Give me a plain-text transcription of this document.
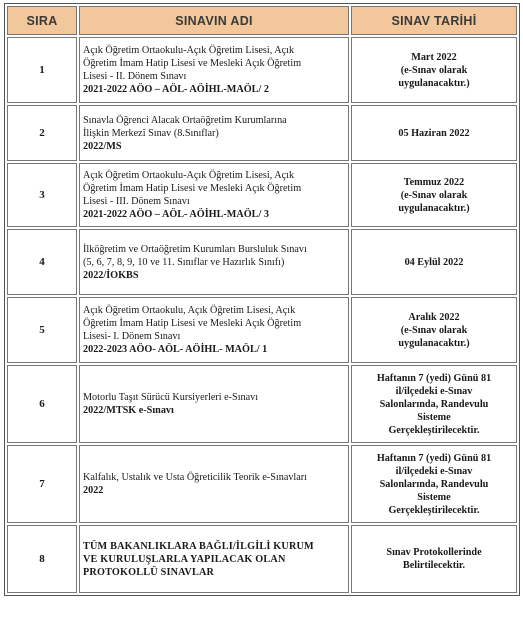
SIRA	SINAVIN ADI	SINAV TARİHİ
1	Açık Öğretim Ortaokulu-Açık Öğretim Lisesi, Açık
Öğretim İmam Hatip Lisesi ve Mesleki Açık Öğretim
Lisesi - II. Dönem Sınavı
2021-2022 AÖO – AÖL- AÖİHL-MAÖL/ 2	Mart 2022
(e-Sınav olarak
uygulanacaktır.)
2	Sınavla Öğrenci Alacak Ortaöğretim Kurumlarına
İlişkin Merkezî Sınav (8.Sınıflar)
2022/MS	05 Haziran 2022
3	Açık Öğretim Ortaokulu-Açık Öğretim Lisesi, Açık
Öğretim İmam Hatip Lisesi ve Mesleki Açık Öğretim
Lisesi - III. Dönem Sınavı
2021-2022 AÖO – AÖL- AÖİHL-MAÖL/ 3	Temmuz 2022
(e-Sınav olarak
uygulanacaktır.)
4	İlköğretim ve Ortaöğretim Kurumları Bursluluk Sınavı
(5, 6, 7, 8, 9, 10 ve 11. Sınıflar ve Hazırlık Sınıfı)
2022/İOKBS	04 Eylül 2022
5	Açık Öğretim Ortaokulu, Açık Öğretim Lisesi, Açık
Öğretim İmam Hatip Lisesi ve Mesleki Açık Öğretim
Lisesi- I. Dönem Sınavı
2022-2023 AÖO- AÖL- AÖİHL- MAÖL/ 1	Aralık 2022
(e-Sınav olarak
uygulanacaktır.)
6	Motorlu Taşıt Sürücü Kursiyerleri e-Sınavı
2022/MTSK e-Sınavı	Haftanın 7 (yedi) Günü 81
il/ilçedeki e-Sınav
Salonlarında, Randevulu
Sisteme
Gerçekleştirilecektir.
7	Kalfalık, Ustalık ve Usta Öğreticilik Teorik e-Sınavları
2022	Haftanın 7 (yedi) Günü 81
il/ilçedeki e-Sınav
Salonlarında, Randevulu
Sisteme
Gerçekleştirilecektir.
8	TÜM BAKANLIKLARA BAĞLI/İLGİLİ KURUM
VE KURULUŞLARLA YAPILACAK OLAN
PROTOKOLLÜ SINAVLAR	Sınav Protokollerinde
Belirtilecektir.
